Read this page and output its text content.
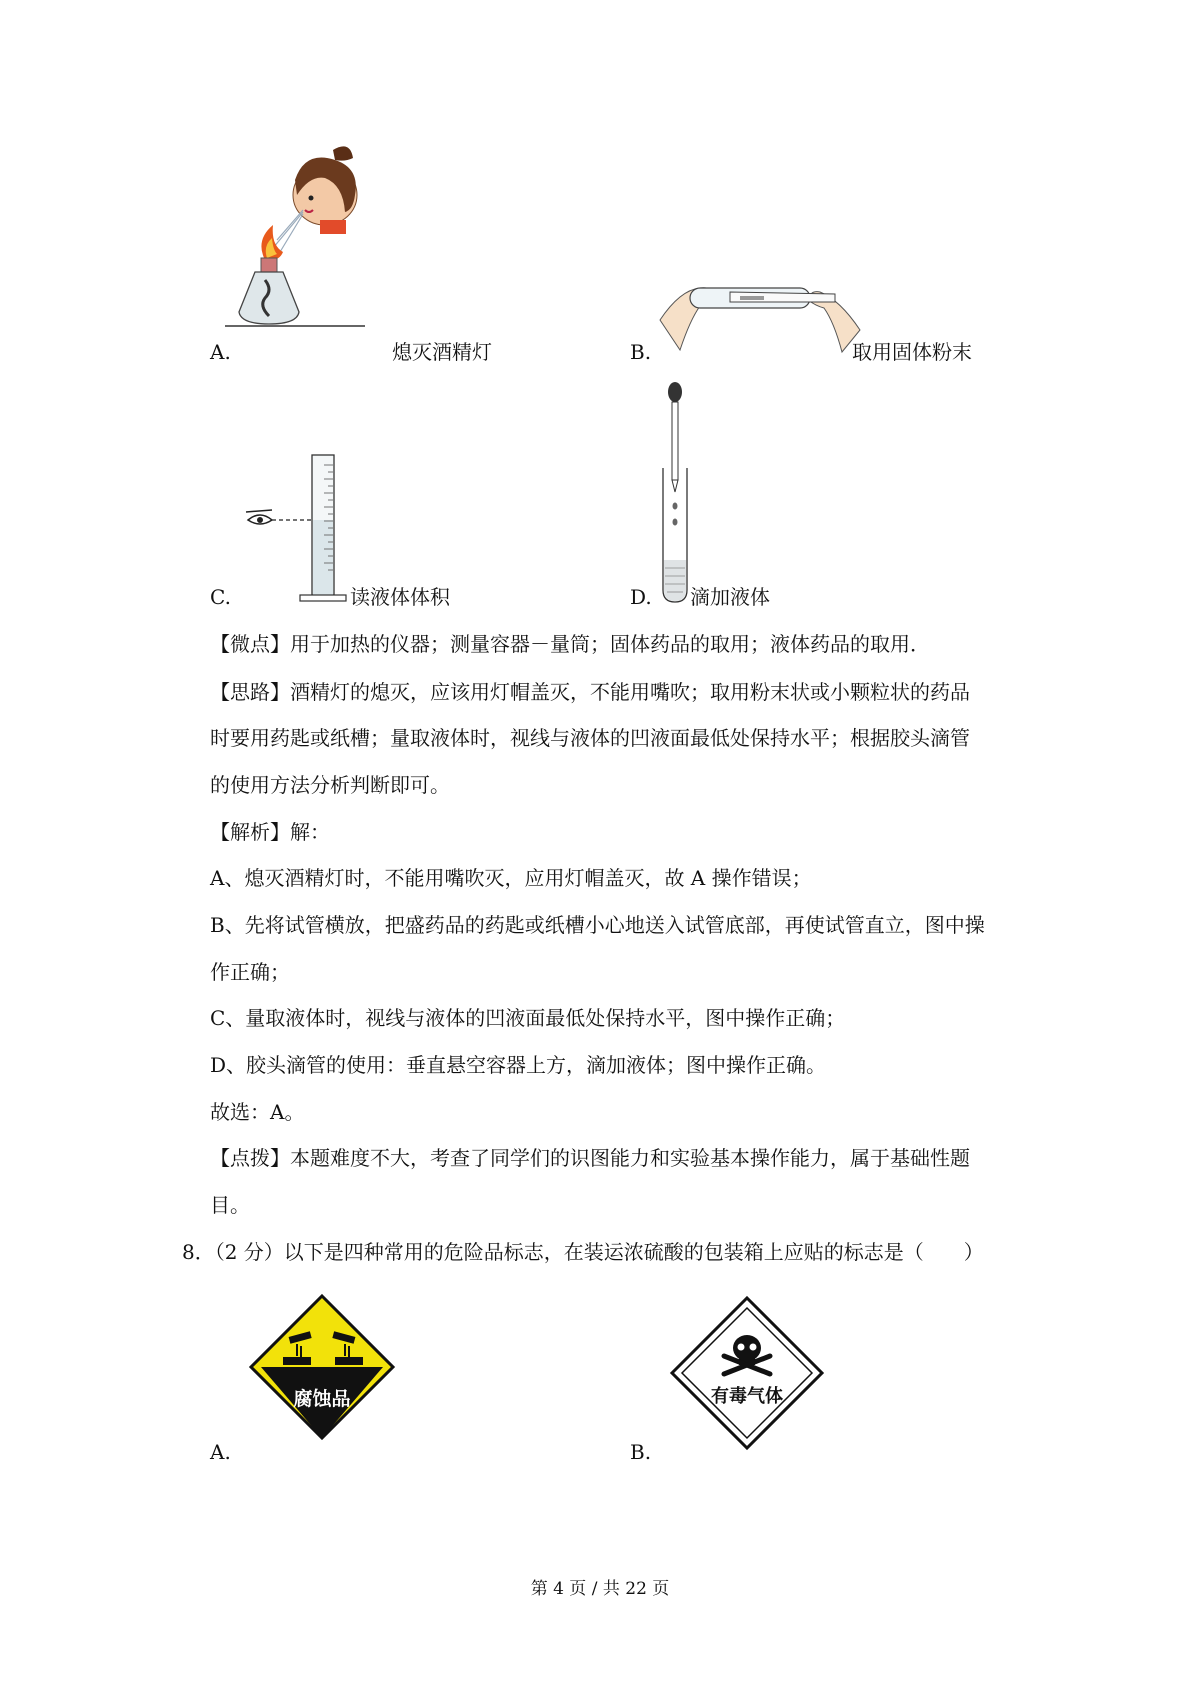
A.	熄灭酒精灯	B.	取用固体粉末
C.	读液体体积	D. 滴加液体
【微点】用于加热的仪器；测量容器－量筒；固体药品的取用；液体药品的取用．
【思路】酒精灯的熄灭，应该用灯帽盖灭，不能用嘴吹；取用粉末状或小颗粒状的药品
时要用药匙或纸槽；量取液体时，视线与液体的凹液面最低处保持水平；根据胶头滴管
的使用方法分析判断即可。
【解析】解：
A、熄灭酒精灯时，不能用嘴吹灭，应用灯帽盖灭，故 A 操作错误；
B、先将试管横放，把盛药品的药匙或纸槽小心地送入试管底部，再使试管直立，图中操
作正确；
C、量取液体时，视线与液体的凹液面最低处保持水平，图中操作正确；
D、胶头滴管的使用：垂直悬空容器上方，滴加液体；图中操作正确。
故选：A。
【点拨】本题难度不大，考查了同学们的识图能力和实验基本操作能力，属于基础性题
目。
8．（2 分）以下是四种常用的危险品标志，在装运浓硫酸的包装箱上应贴的标志是（　　）
腐蚀品
A.
有毒气体
B.
第 4 页 / 共 22 页
